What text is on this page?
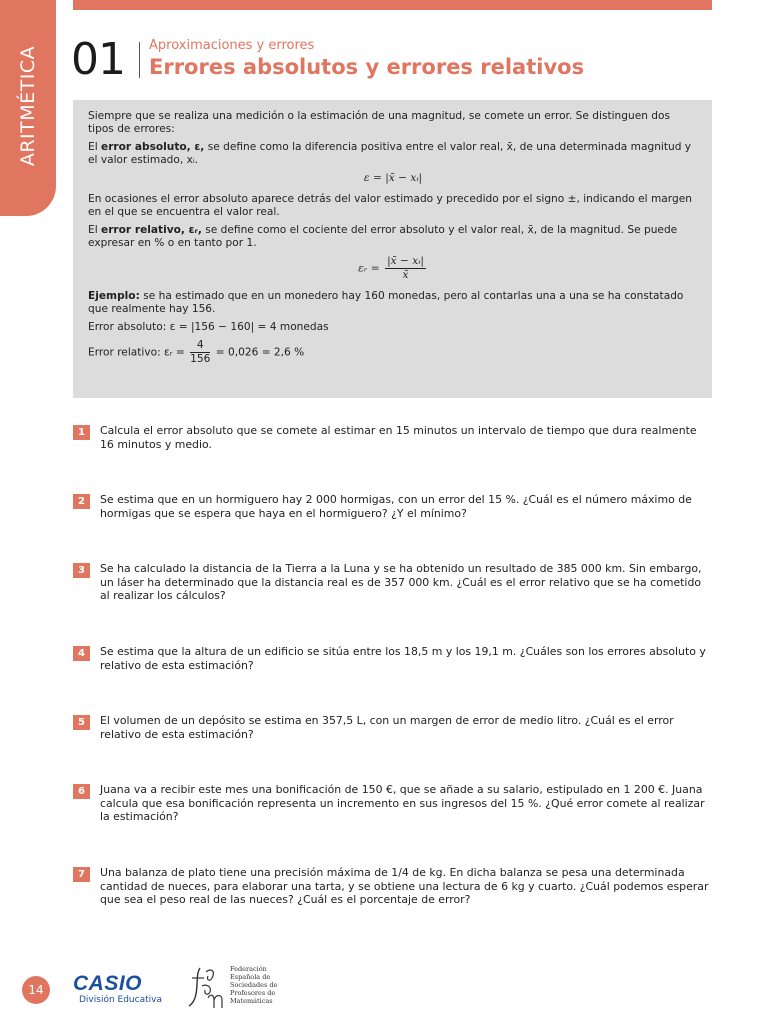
ARITMÉTICA 01 Aproximaciones y errores
Errores absolutos y errores relativos

Siempre que se realiza una medición o la estimación de una magnitud, se comete un error. Se distinguen dos tipos de errores:

El error absoluto, ε, se define como la diferencia positiva entre el valor real, x̄, de una determinada magnitud y el valor estimado, xᵢ.

ε = |x̄ − xᵢ|

En ocasiones el error absoluto aparece detrás del valor estimado y precedido por el signo ±, indicando el margen en el que se encuentra el valor real.

El error relativo, εᵣ, se define como el cociente del error absoluto y el valor real, x̄, de la magnitud. Se puede expresar en % o en tanto por 1.

εᵣ = $\frac{\text{|x̄ − xᵢ|}}{x̄}$

Ejemplo: se ha estimado que en un monedero hay 160 monedas, pero al contarlas una a una se ha constatado que realmente hay 156.

Error absoluto: ε = |156 − 160| = 4 monedas

Error relativo: εᵣ = $\frac{4}{156} = 0,026 = 2,6$ %

1	Calcula el error absoluto que se comete al estimar en 15 minutos un intervalo de tiempo que dura realmente 16 minutos y medio.
2	Se estima que en un hormiguero hay 2 000 hormigas, con un error del 15 %. ¿Cuál es el número máximo de hormigas que se espera que haya en el hormiguero? ¿Y el mínimo?
3	Se ha calculado la distancia de la Tierra a la Luna y se ha obtenido un resultado de 385 000 km. Sin embargo, un láser ha determinado que la distancia real es de 357 000 km. ¿Cuál es el error relativo que se ha cometido al realizar los cálculos?
4	Se estima que la altura de un edificio se sitúa entre los 18,5 m y los 19,1 m. ¿Cuáles son los errores absoluto y relativo de esta estimación?
5	El volumen de un depósito se estima en 357,5 L, con un margen de error de medio litro. ¿Cuál es el error relativo de esta estimación?
6	Juana va a recibir este mes una bonificación de 150 €, que se añade a su salario, estipulado en 1 200 €. Juana calcula que esa bonificación representa un incremento en sus ingresos del 15 %. ¿Qué error comete al realizar la estimación?
7	Una balanza de plato tiene una precisión máxima de 1/4 de kg. En dicha balanza se pesa una determinada cantidad de nueces, para elaborar una tarta, y se obtiene una lectura de 6 kg y cuarto. ¿Cuál podemos esperar que sea el peso real de las nueces? ¿Cuál es el porcentaje de error?
14	CASIO
División Educativa
Federación
Española de
Sociedades de
Profesores de
Matemáticas
